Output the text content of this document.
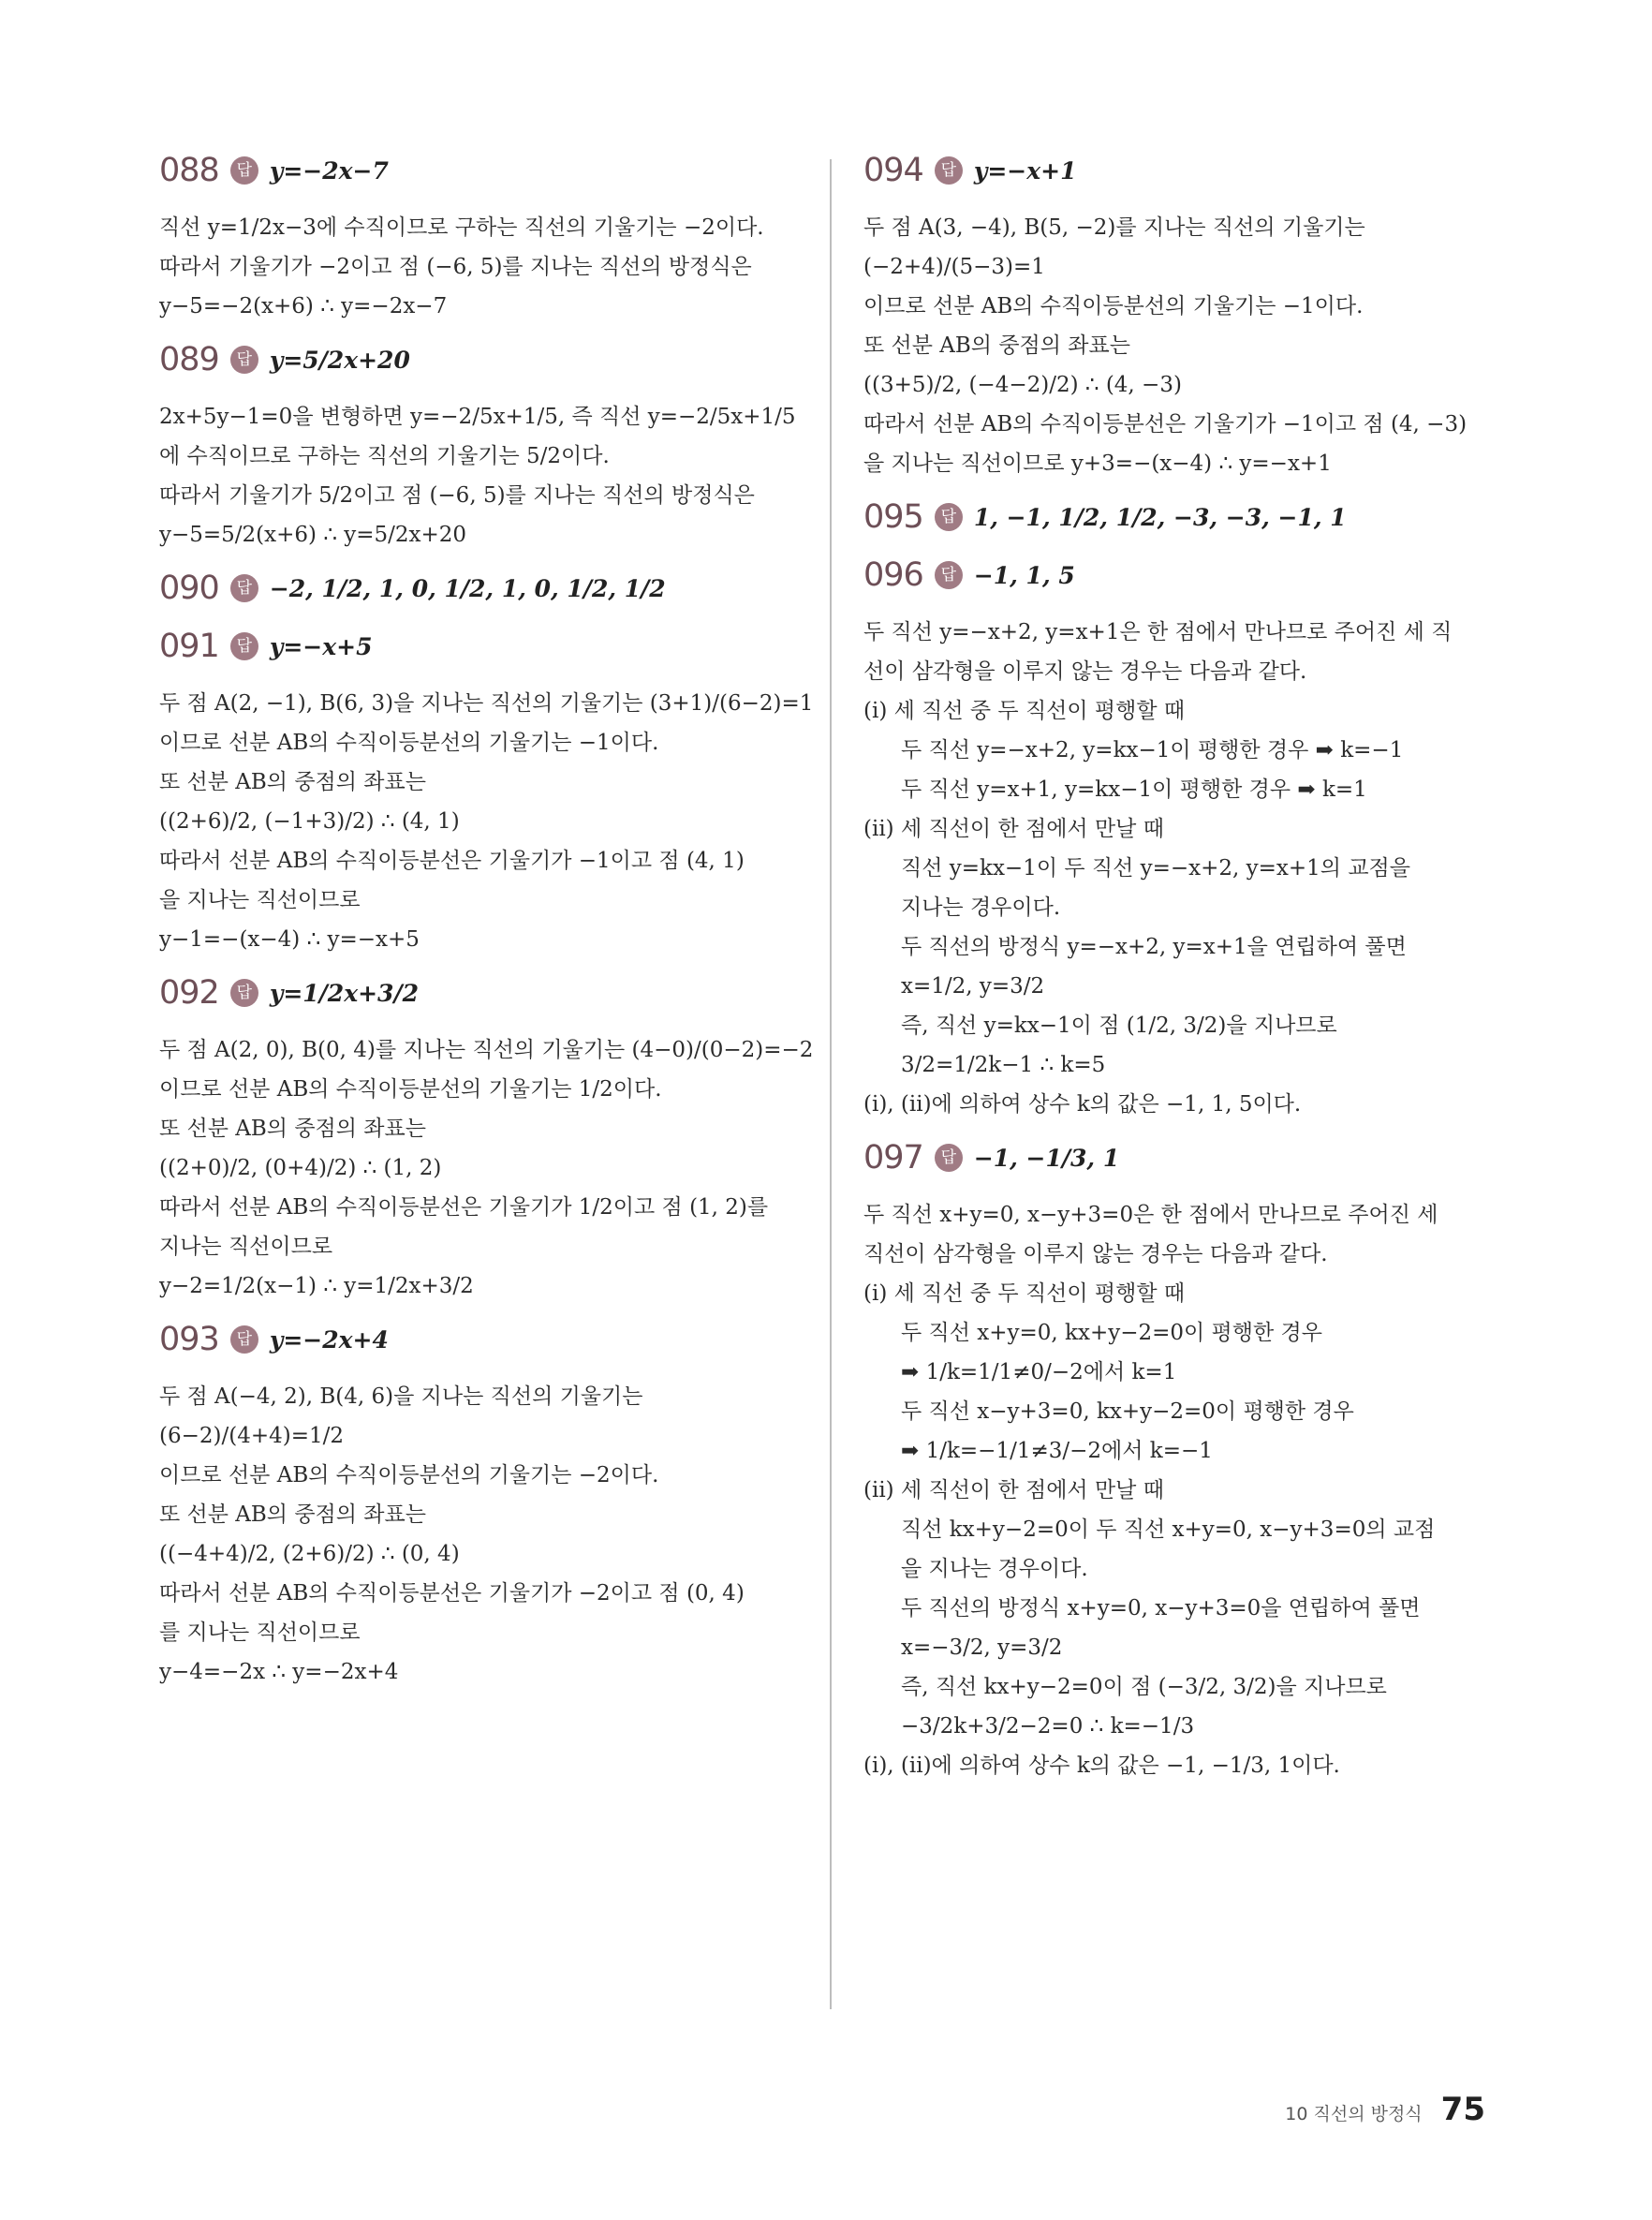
088	답 y=−2x−7
직선 y=1/2x−3에 수직이므로 구하는 직선의 기울기는 −2이다.
따라서 기울기가 −2이고 점 (−6, 5)를 지나는 직선의 방정식은
y−5=−2(x+6) ∴ y=−2x−7
089	답 y=5/2x+20
2x+5y−1=0을 변형하면 y=−2/5x+1/5, 즉 직선 y=−2/5x+1/5
에 수직이므로 구하는 직선의 기울기는 5/2이다.
따라서 기울기가 5/2이고 점 (−6, 5)를 지나는 직선의 방정식은
y−5=5/2(x+6) ∴ y=5/2x+20
090	답 −2, 1/2, 1, 0, 1/2, 1, 0, 1/2, 1/2
091	답 y=−x+5
두 점 A(2, −1), B(6, 3)을 지나는 직선의 기울기는 (3+1)/(6−2)=1
이므로 선분 AB의 수직이등분선의 기울기는 −1이다.
또 선분 AB의 중점의 좌표는
((2+6)/2, (−1+3)/2) ∴ (4, 1)
따라서 선분 AB의 수직이등분선은 기울기가 −1이고 점 (4, 1)
을 지나는 직선이므로
y−1=−(x−4) ∴ y=−x+5
092	답 y=1/2x+3/2
두 점 A(2, 0), B(0, 4)를 지나는 직선의 기울기는 (4−0)/(0−2)=−2
이므로 선분 AB의 수직이등분선의 기울기는 1/2이다.
또 선분 AB의 중점의 좌표는
((2+0)/2, (0+4)/2) ∴ (1, 2)
따라서 선분 AB의 수직이등분선은 기울기가 1/2이고 점 (1, 2)를
지나는 직선이므로
y−2=1/2(x−1) ∴ y=1/2x+3/2
093	답 y=−2x+4
두 점 A(−4, 2), B(4, 6)을 지나는 직선의 기울기는
(6−2)/(4+4)=1/2
이므로 선분 AB의 수직이등분선의 기울기는 −2이다.
또 선분 AB의 중점의 좌표는
((−4+4)/2, (2+6)/2) ∴ (0, 4)
따라서 선분 AB의 수직이등분선은 기울기가 −2이고 점 (0, 4)
를 지나는 직선이므로
y−4=−2x ∴ y=−2x+4
094	답 y=−x+1
두 점 A(3, −4), B(5, −2)를 지나는 직선의 기울기는
(−2+4)/(5−3)=1
이므로 선분 AB의 수직이등분선의 기울기는 −1이다.
또 선분 AB의 중점의 좌표는
((3+5)/2, (−4−2)/2) ∴ (4, −3)
따라서 선분 AB의 수직이등분선은 기울기가 −1이고 점 (4, −3)
을 지나는 직선이므로 y+3=−(x−4) ∴ y=−x+1
095	답 1, −1, 1/2, 1/2, −3, −3, −1, 1
096	답 −1, 1, 5
두 직선 y=−x+2, y=x+1은 한 점에서 만나므로 주어진 세 직
선이 삼각형을 이루지 않는 경우는 다음과 같다.
(ⅰ) 세 직선 중 두 직선이 평행할 때
두 직선 y=−x+2, y=kx−1이 평행한 경우 ➡ k=−1
두 직선 y=x+1, y=kx−1이 평행한 경우 ➡ k=1
(ⅱ) 세 직선이 한 점에서 만날 때
직선 y=kx−1이 두 직선 y=−x+2, y=x+1의 교점을
지나는 경우이다.
두 직선의 방정식 y=−x+2, y=x+1을 연립하여 풀면
x=1/2, y=3/2
즉, 직선 y=kx−1이 점 (1/2, 3/2)을 지나므로
3/2=1/2k−1 ∴ k=5
(ⅰ), (ⅱ)에 의하여 상수 k의 값은 −1, 1, 5이다.
097	답 −1, −1/3, 1
두 직선 x+y=0, x−y+3=0은 한 점에서 만나므로 주어진 세
직선이 삼각형을 이루지 않는 경우는 다음과 같다.
(ⅰ) 세 직선 중 두 직선이 평행할 때
두 직선 x+y=0, kx+y−2=0이 평행한 경우
➡ 1/k=1/1≠0/−2에서 k=1
두 직선 x−y+3=0, kx+y−2=0이 평행한 경우
➡ 1/k=−1/1≠3/−2에서 k=−1
(ⅱ) 세 직선이 한 점에서 만날 때
직선 kx+y−2=0이 두 직선 x+y=0, x−y+3=0의 교점
을 지나는 경우이다.
두 직선의 방정식 x+y=0, x−y+3=0을 연립하여 풀면
x=−3/2, y=3/2
즉, 직선 kx+y−2=0이 점 (−3/2, 3/2)을 지나므로
−3/2k+3/2−2=0 ∴ k=−1/3
(ⅰ), (ⅱ)에 의하여 상수 k의 값은 −1, −1/3, 1이다.
10 직선의 방정식 75
